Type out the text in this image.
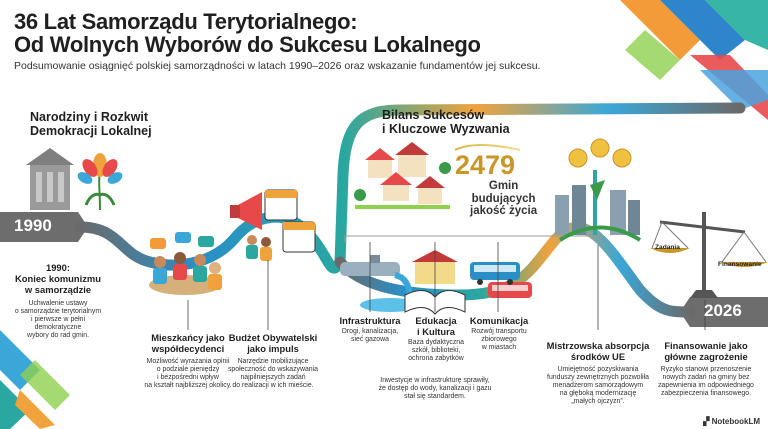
36 Lat Samorządu Terytorialnego:
Od Wolnych Wyborów do Sukcesu Lokalnego
Podsumowanie osiągnięć polskiej samorządności w latach 1990–2026 oraz wskazanie fundamentów jej sukcesu.
Narodziny i Rozkwit
Demokracji Lokalnej
Bilans Sukcesów
i Kluczowe Wyzwania
1990
2026
2479
Gmin
budujących
jakość życia
1990:
Koniec komunizmu
w samorządzie
Uchwalenie ustawy
o samorządzie terytorialnym
i pierwsze w pełni demokratyczne
wybory do rad gmin.	Mieszkańcy jako
współdecydenci
Możliwość wyrażania opinii
o podziale pieniędzy
i bezpośredni wpływ
na kształt najbliższej okolicy.
Budżet Obywatelski
jako impuls
Narzędzie mobilizujące
społeczność do wskazywania
najpilniejszych zadań
do realizacji w ich mieście.
Infrastruktura
Drogi, kanalizacja,
sieć gazowa
Edukacja
i Kultura
Baza dydaktyczna
szkół, biblioteki,
ochrona zabytków
Komunikacja
Rozwój transportu
zbiorowego
w miastach
Inwestycje w infrastrukturę sprawiły,
że dostęp do wody, kanalizacji i gazu
stał się standardem.
Mistrzowska absorpcja
środków UE
Umiejętność pozyskiwania
funduszy zewnętrznych pozwoliła
menadżerom samorządowym
na głęboką modernizację
„małych ojczyzn”.
Finansowanie jako
główne zagrożenie
Ryzyko stanowi przenoszenie
nowych zadań na gminy bez
zapewnienia im odpowiedniego
zabezpieczenia finansowego.
Zadania
Finansowanie
▞ NotebookLM
